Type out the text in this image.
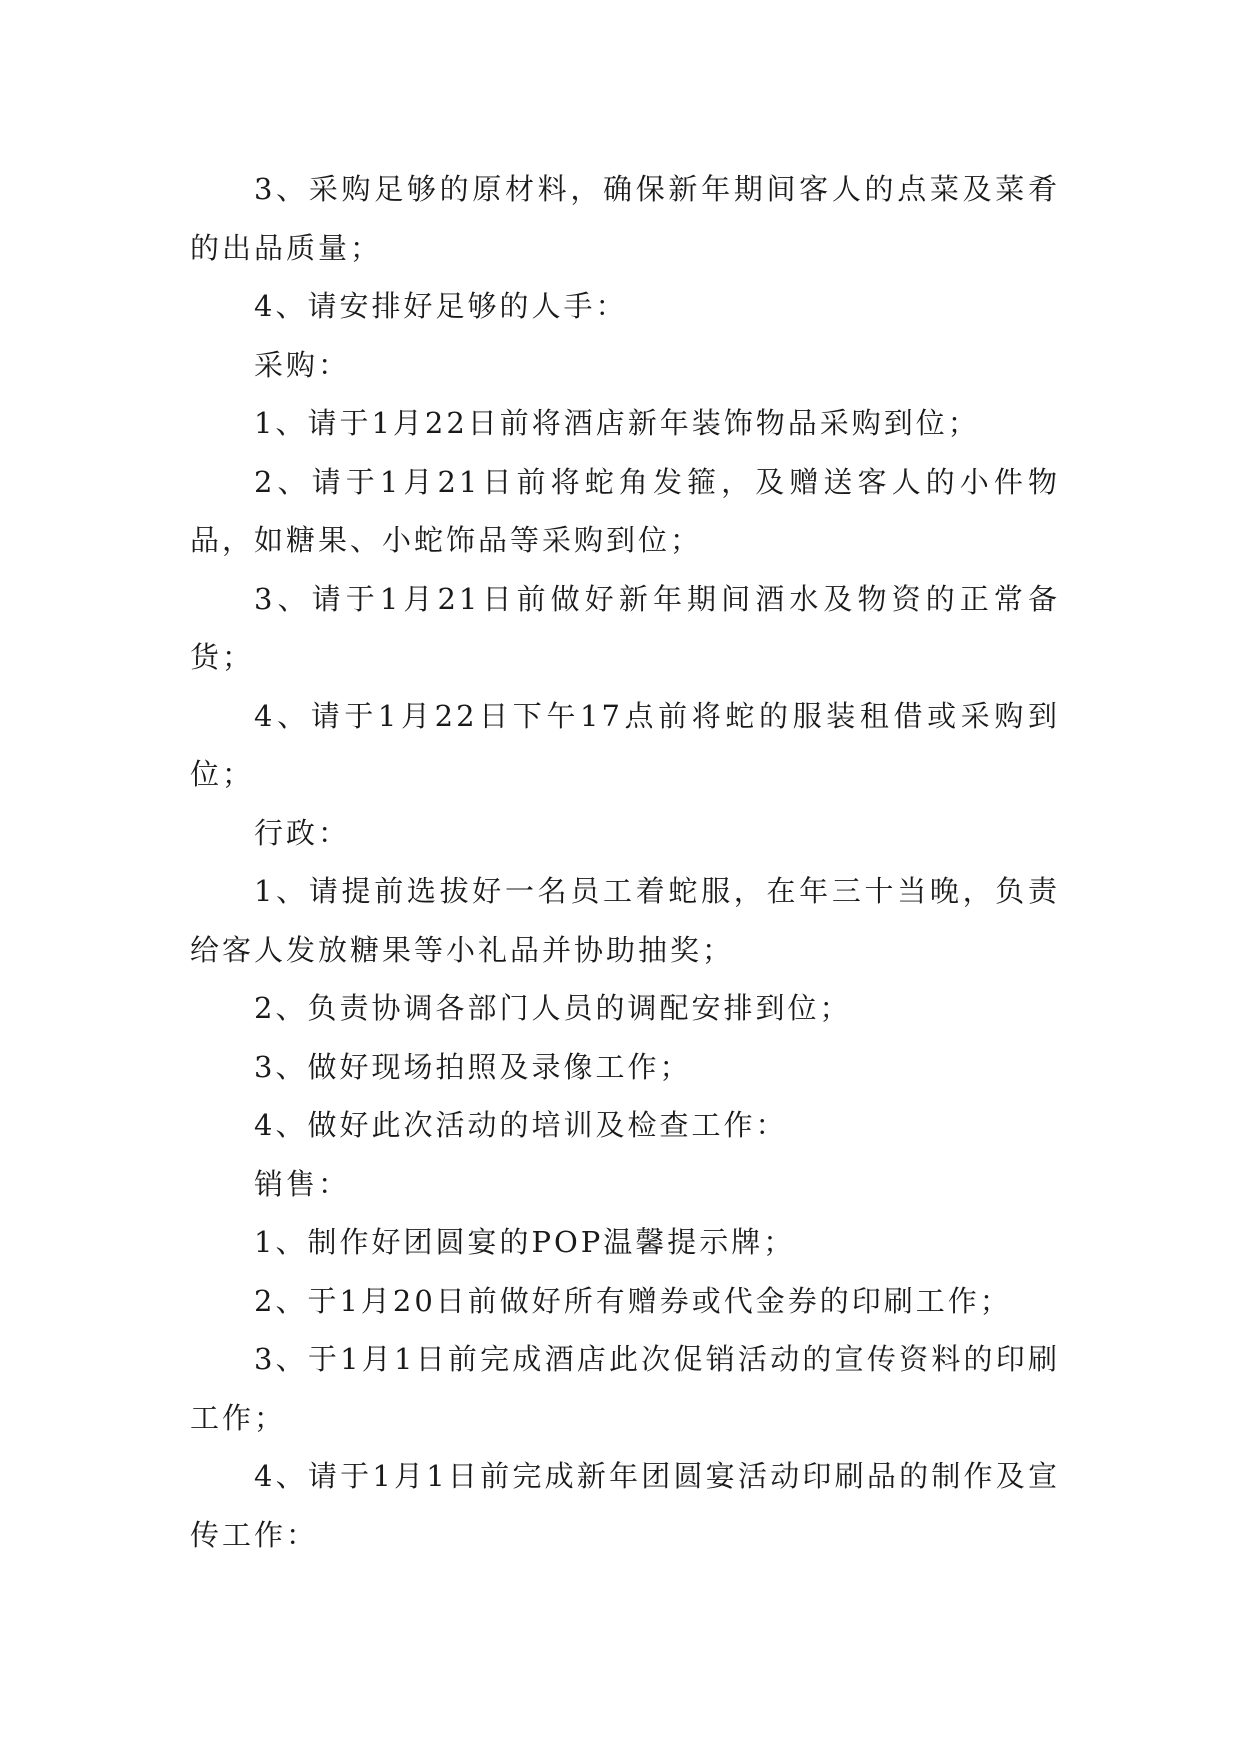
3、采购足够的原材料，确保新年期间客人的点菜及菜肴的出品质量；

4、请安排好足够的人手：

采购：

1、请于1月22日前将酒店新年装饰物品采购到位；

2、请于1月21日前将蛇角发箍，及赠送客人的小件物品，如糖果、小蛇饰品等采购到位；

3、请于1月21日前做好新年期间酒水及物资的正常备货；

4、请于1月22日下午17点前将蛇的服装租借或采购到位；

行政：

1、请提前选拔好一名员工着蛇服，在年三十当晚，负责给客人发放糖果等小礼品并协助抽奖；

2、负责协调各部门人员的调配安排到位；

3、做好现场拍照及录像工作；

4、做好此次活动的培训及检查工作：

销售：

1、制作好团圆宴的POP温馨提示牌；

2、于1月20日前做好所有赠券或代金券的印刷工作；

3、于1月1日前完成酒店此次促销活动的宣传资料的印刷工作；

4、请于1月1日前完成新年团圆宴活动印刷品的制作及宣传工作：
